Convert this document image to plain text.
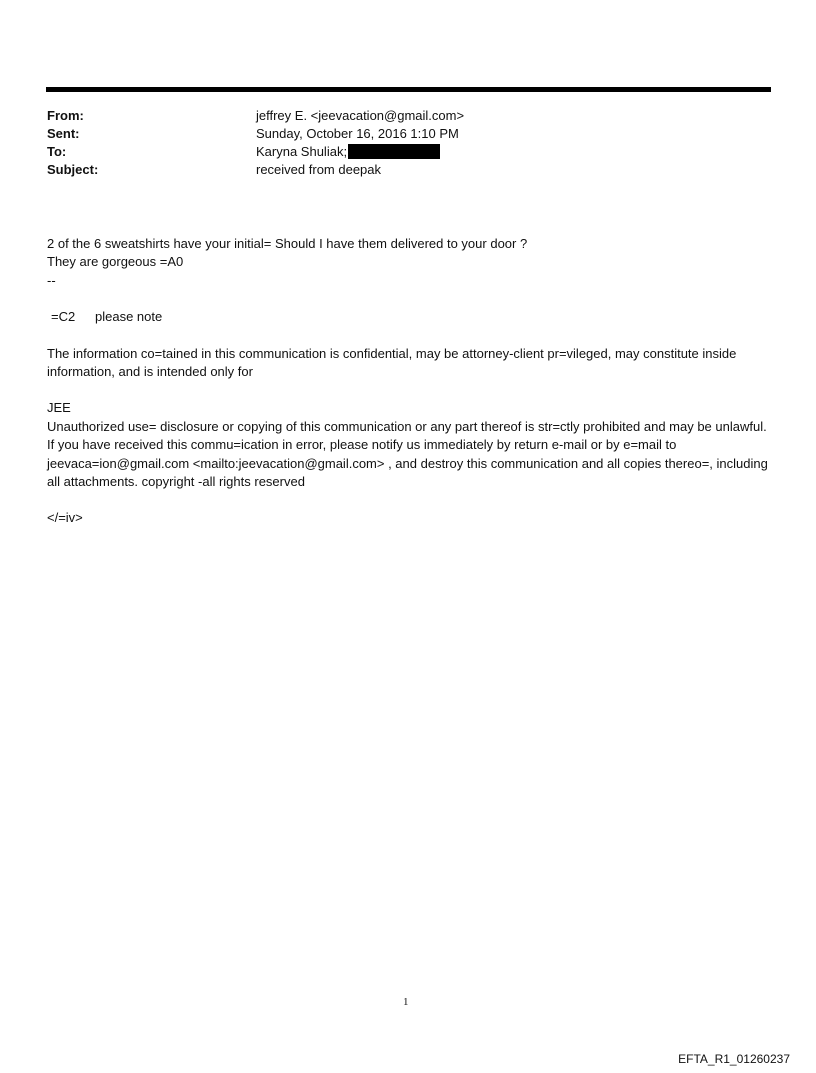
From:	jeffrey E. <jeevacation@gmail.com>
Sent:	Sunday, October 16, 2016 1:10 PM
To:	Karyna Shuliak;
Subject:	received from deepak

2 of the 6 sweatshirts have your initial= Should I have them delivered to your door ?

They are gorgeous =A0

--

=C2 please note

The information co=tained in this communication is confidential, may be attorney-client pr=vileged, may constitute inside information, and is intended only for

JEE

Unauthorized use= disclosure or copying of this communication or any part thereof is str=ctly prohibited and may be unlawful. If you have received this commu=ication in error, please notify us immediately by return e-mail or by e=mail to jeevaca=ion@gmail.com <mailto:jeevacation@gmail.com> , and destroy this communication and all copies thereo=, including all attachments. copyright -all rights reserved

</=iv>

1
EFTA_R1_01260237
